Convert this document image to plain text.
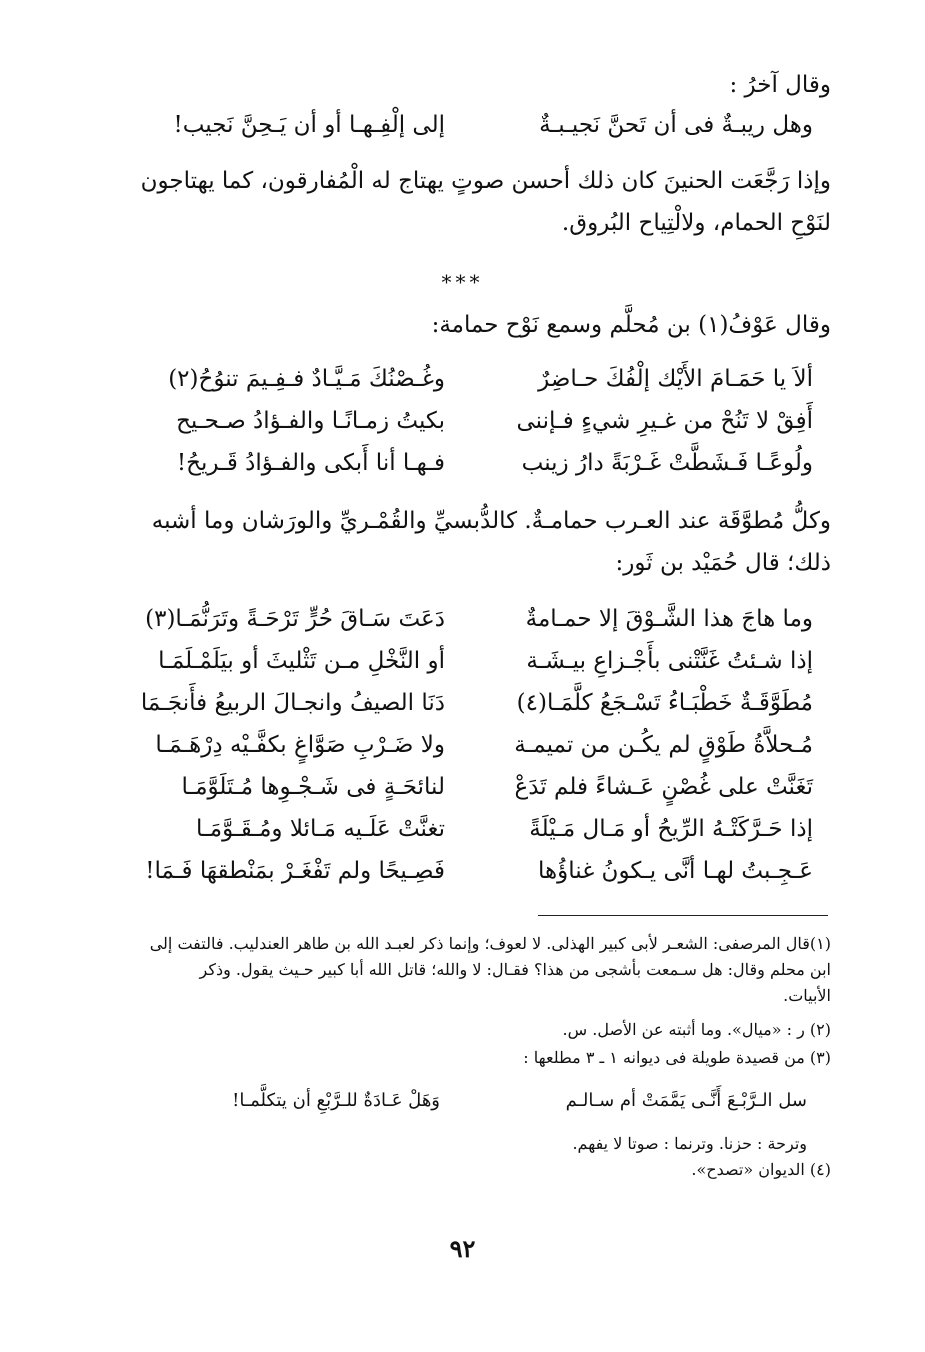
وقال آخرُ :
وهل ريبـةٌ فى أن تَحنَّ نَجيـبـةٌ
إلى إلْفِـهـا أو أن يَـحِنَّ نَجيب!
وإذا رَجَّعَت الحنينَ كان ذلك أحسن صوتٍ يهتاج له الْمُفارقون، كما يهتاجون
لنَوْحِ الحمام، ولالْتِياح البُروق.
***
وقال عَوْفُ(١) بن مُحلَّم وسمع نَوْح حمامة:
ألاَ يا حَمَـامَ الأَيْك إلْفُكَ حـاضِرٌ
وغُـصْنُكَ مَـيَّـادٌ فـفِـيمَ تنوُحُ(٢)
أَفِقْ لا تَنُحْ من غـيرِ شيءٍ فـإننى
بكيتُ زمـانًـا والفـؤادُ صـحـيح
ولُوعًـا فَـشَطَّتْ غَـرْبَةً دارُ زينب
فـهـا أنا أَبكى والفـؤادُ قَـريحُ!
وكلُّ مُطوَّقَة عند العـرب حمامـةٌ. كالدُّبسيِّ والقُمْـريِّ والورَشان وما أشبه
ذلك؛ قال حُمَيْد بن ثَور:
وما هاجَ هذا الشَّـوْقَ إلا حمـامةٌ
دَعَتَ سَـاقَ حُرٍّ تَرْحَـةً وتَرَنُّمَـا(٣)
إذا شـئتُ غَنَّتْنى بأَجْـزاعِ بيـشَـة
أو النَّخْلِ مـن تَثْليثَ أو بيَلَمْـلَمَـا
مُطَوَّقَـةٌ خَطْبَـاءُ تَسْـجَعُ كلَّمَـا(٤)
دَنَا الصيفُ وانجـالَ الربيعُ فأَنجَـمَا
مُـحلاَّةُ طَوْقٍ لم يكُـن من تميمـة
ولا ضَـرْبِ صَوَّاغٍ بكفَّـيْه دِرْهَـمَـا
تَغَنَّتْ على غُصْنٍ عَـشاءً فلم تَدَعْ
لنائحَـةٍ فى شَـجْـوِها مُـتَلَوَّمَـا
إذا حَـرَّكَتْـهُ الرِّيحُ أو مَـال مَـيْلَةً
تغنَّتْ عَلَـيه مَـائلا ومُـقَـوَّمَـا
عَـجِـبتُ لهـا أنَّى يـكونُ غناؤُها
فَصِـيحًا ولم تَفْغَـرْ بمَنْطقهَا فَـمَا!
(١)قال المرصفى: الشعـر لأبى كبير الهذلى. لا لعوف؛ وإنما ذكر لعبـد الله بن طاهر العندليب. فالتفت إلى
ابن محلم وقال: هل سـمعت بأشجى من هذا؟ فقـال: لا والله؛ قاتل الله أبا كبير حـيث يقول. وذكر
الأبيات.
(٢) ر : «ميال». وما أثبته عن الأصل. س.
(٣) من قصيدة طويلة فى ديوانه ١ ـ ٣ مطلعها :
سل الـرَّبْـعَ أَنَّـى يَمَّمَتْ أم سـالـم
وَهَلْ عَـادَةٌ للـرَّبْعِ أن يتكلَّمـا!
وترحة : حزنا. وترنما : صوتا لا يفهم.
(٤) الديوان «تصدح».
٩٢
